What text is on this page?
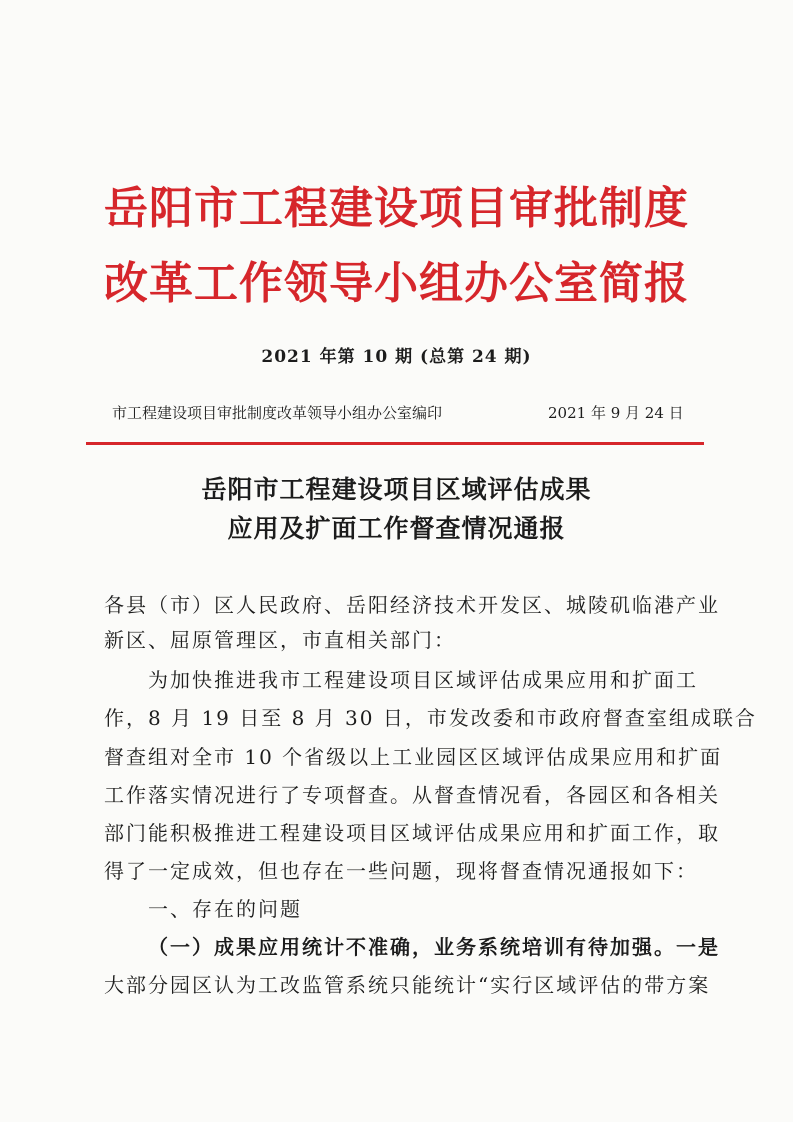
岳阳市工程建设项目审批制度
改革工作领导小组办公室简报
2021 年第 10 期 (总第 24 期)
市工程建设项目审批制度改革领导小组办公室编印	2021 年 9 月 24 日
岳阳市工程建设项目区域评估成果
应用及扩面工作督查情况通报
各县（市）区人民政府、岳阳经济技术开发区、城陵矶临港产业
新区、屈原管理区，市直相关部门：
为加快推进我市工程建设项目区域评估成果应用和扩面工
作，8 月 19 日至 8 月 30 日，市发改委和市政府督查室组成联合
督查组对全市 10 个省级以上工业园区区域评估成果应用和扩面
工作落实情况进行了专项督查。从督查情况看，各园区和各相关
部门能积极推进工程建设项目区域评估成果应用和扩面工作，取
得了一定成效，但也存在一些问题，现将督查情况通报如下：
一、存在的问题
（一）成果应用统计不准确，业务系统培训有待加强。一是
大部分园区认为工改监管系统只能统计“实行区域评估的带方案
